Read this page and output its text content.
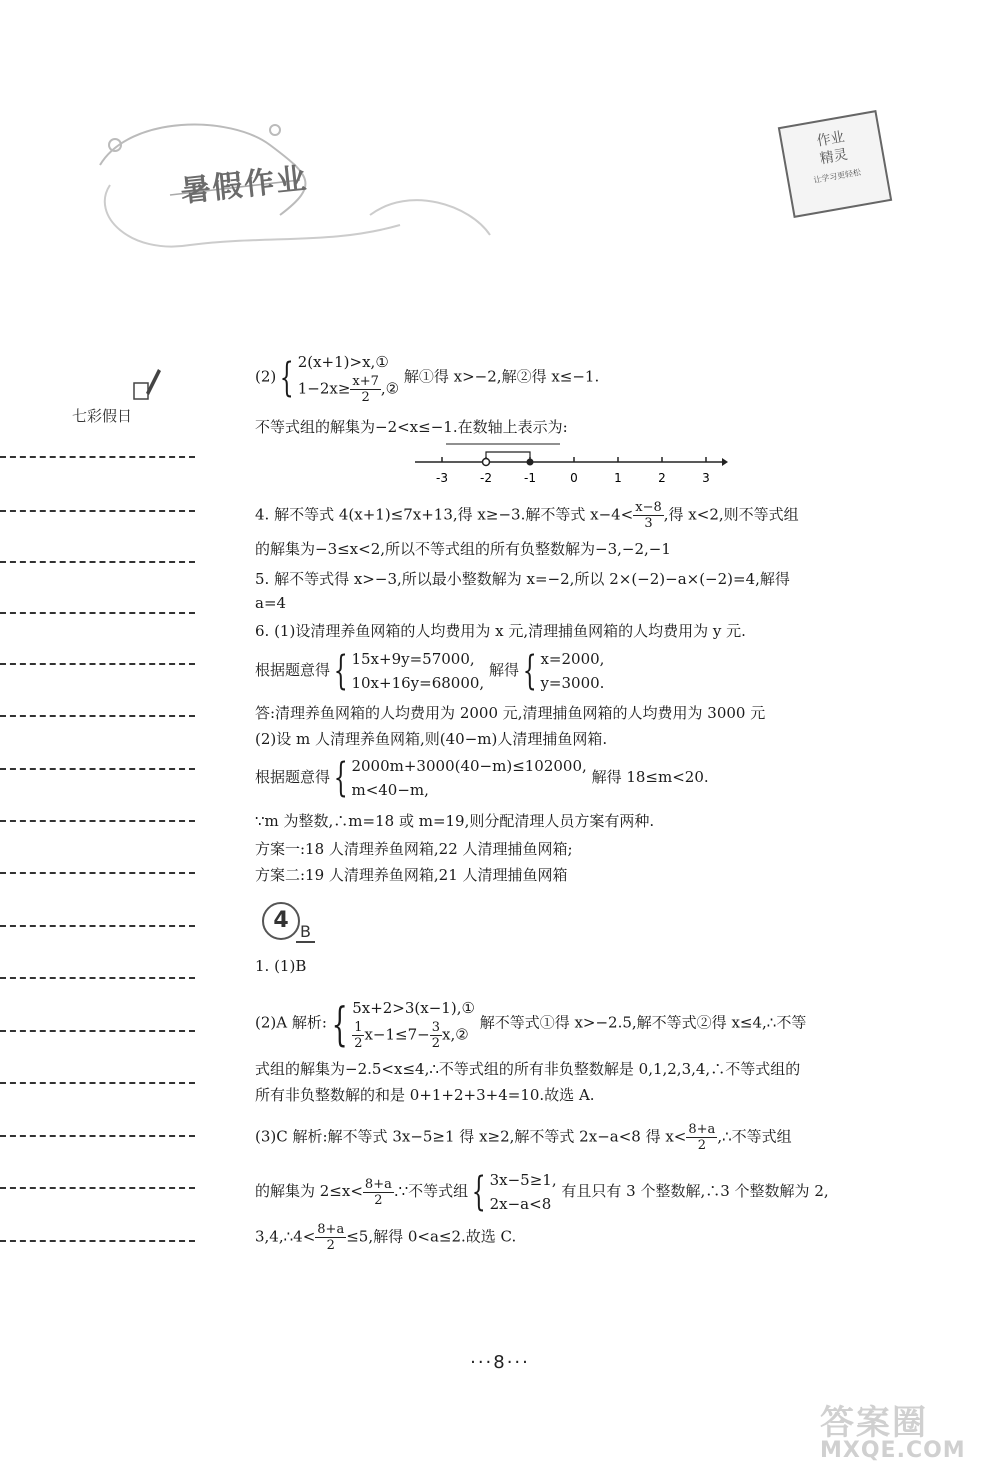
暑假作业
作业
精灵
让学习更轻松
七彩假日
(2){ 2(x+1)>x,①
$1-2x\ge \frac{x+7}{2}$ ,②
解①得 x>−2,解②得 x≤−1.
不等式组的解集为−2<x≤−1.在数轴上表示为:
-3	-2	-1	0	1	2	3
4. 解不等式 4(x+1)≤7x+13,得 x≥−3.解不等式 $x-4< \frac{x-8}{3}$ ,得 x<2,则不等式组
的解集为−3≤x<2,所以不等式组的所有负整数解为−3,−2,−1
5. 解不等式得 x>−3,所以最小整数解为 x=−2,所以 2×(−2)−a×(−2)=4,解得
a=4
6. (1)设清理养鱼网箱的人均费用为 x 元,清理捕鱼网箱的人均费用为 y 元.
根据题意得{ 15x+9y=57000,
10x+16y=68000,
解得{ x=2000,
y=3000.
答:清理养鱼网箱的人均费用为 2000 元,清理捕鱼网箱的人均费用为 3000 元
(2)设 m 人清理养鱼网箱,则(40−m)人清理捕鱼网箱.
根据题意得{ 2000m+3000(40−m)≤102000,
m<40−m,
解得 18≤m<20.
∵m 为整数,∴m=18 或 m=19,则分配清理人员方案有两种.
方案一:18 人清理养鱼网箱,22 人清理捕鱼网箱;
方案二:19 人清理养鱼网箱,21 人清理捕鱼网箱
4 B
1. (1)B
(2)A 解析:{ 5x+2>3(x−1),①
$\frac{1}{2} x-1\le 7- \frac{3}{2}$ x,②
解不等式①得 x>−2.5,解不等式②得 x≤4,∴不等
式组的解集为−2.5<x≤4,∴不等式组的所有非负整数解是 0,1,2,3,4,∴不等式组的
所有非负整数解的和是 0+1+2+3+4=10.故选 A.
(3)C 解析:解不等式 3x−5≥1 得 x≥2,解不等式 2x−a<8 得 $x< \frac{8+a}{2}$ ,∴不等式组
的解集为 $2\le x< \frac{8+a}{2}$ .∵不等式组{ 3x−5≥1,
2x−a<8
有且只有 3 个整数解,∴3 个整数解为 2,
3,4,∴4< $\frac{8+a}{2} \le 5$,解得 0<a≤2.故选 C.
···8···
答案圈
MXQE.COM
